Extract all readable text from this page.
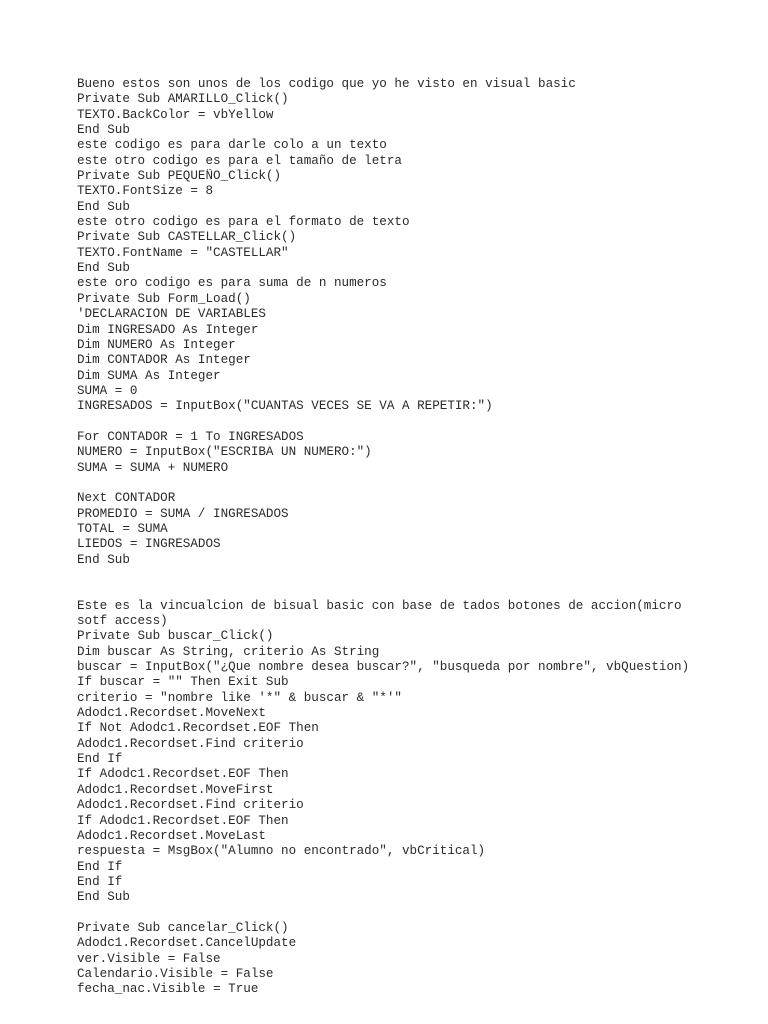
Bueno estos son unos de los codigo que yo he visto en visual basic
Private Sub AMARILLO_Click()
TEXTO.BackColor = vbYellow
End Sub
este codigo es para darle colo a un texto
este otro codigo es para el tamaño de letra
Private Sub PEQUEÑO_Click()
TEXTO.FontSize = 8
End Sub
este otro codigo es para el formato de texto
Private Sub CASTELLAR_Click()
TEXTO.FontName = "CASTELLAR"
End Sub
este oro codigo es para suma de n numeros
Private Sub Form_Load()
'DECLARACION DE VARIABLES
Dim INGRESADO As Integer
Dim NUMERO As Integer
Dim CONTADOR As Integer
Dim SUMA As Integer
SUMA = 0
INGRESADOS = InputBox("CUANTAS VECES SE VA A REPETIR:")
For CONTADOR = 1 To INGRESADOS
NUMERO = InputBox("ESCRIBA UN NUMERO:")
SUMA = SUMA + NUMERO
Next CONTADOR
PROMEDIO = SUMA / INGRESADOS
TOTAL = SUMA
LIEDOS = INGRESADOS
End Sub
Este es la vincualcion de bisual basic con base de tados botones de accion(micro
sotf access)
Private Sub buscar_Click()
Dim buscar As String, criterio As String
buscar = InputBox("¿Que nombre desea buscar?", "busqueda por nombre", vbQuestion)
If buscar = "" Then Exit Sub
criterio = "nombre like '*" & buscar & "*'"
Adodc1.Recordset.MoveNext
If Not Adodc1.Recordset.EOF Then
Adodc1.Recordset.Find criterio
End If
If Adodc1.Recordset.EOF Then
Adodc1.Recordset.MoveFirst
Adodc1.Recordset.Find criterio
If Adodc1.Recordset.EOF Then
Adodc1.Recordset.MoveLast
respuesta = MsgBox("Alumno no encontrado", vbCritical)
End If
End If
End Sub
Private Sub cancelar_Click()
Adodc1.Recordset.CancelUpdate
ver.Visible = False
Calendario.Visible = False
fecha_nac.Visible = True
